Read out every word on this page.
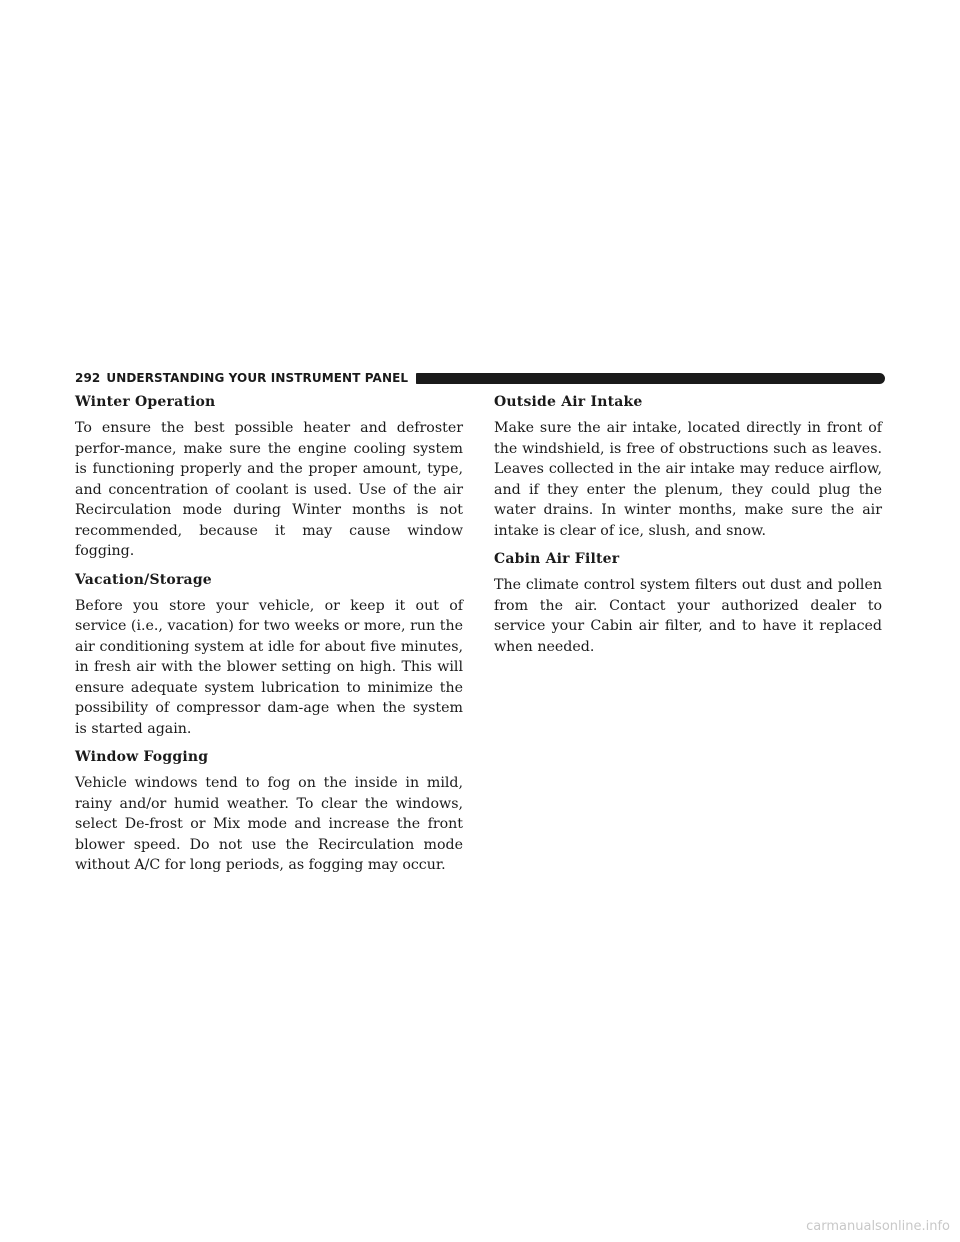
292 UNDERSTANDING YOUR INSTRUMENT PANEL
Winter Operation

To ensure the best possible heater and defroster perfor-mance, make sure the engine cooling system is functioning properly and the proper amount, type, and concentration of coolant is used. Use of the air Recirculation mode during Winter months is not recommended, because it may cause window fogging.

Vacation/Storage

Before you store your vehicle, or keep it out of service (i.e., vacation) for two weeks or more, run the air conditioning system at idle for about five minutes, in fresh air with the blower setting on high. This will ensure adequate system lubrication to minimize the possibility of compressor dam-age when the system is started again.

Window Fogging

Vehicle windows tend to fog on the inside in mild, rainy and/or humid weather. To clear the windows, select De-frost or Mix mode and increase the front blower speed. Do not use the Recirculation mode without A/C for long periods, as fogging may occur.

Outside Air Intake

Make sure the air intake, located directly in front of the windshield, is free of obstructions such as leaves. Leaves collected in the air intake may reduce airflow, and if they enter the plenum, they could plug the water drains. In winter months, make sure the air intake is clear of ice, slush, and snow.

Cabin Air Filter

The climate control system filters out dust and pollen from the air. Contact your authorized dealer to service your Cabin air filter, and to have it replaced when needed.

carmanualsonline.info
